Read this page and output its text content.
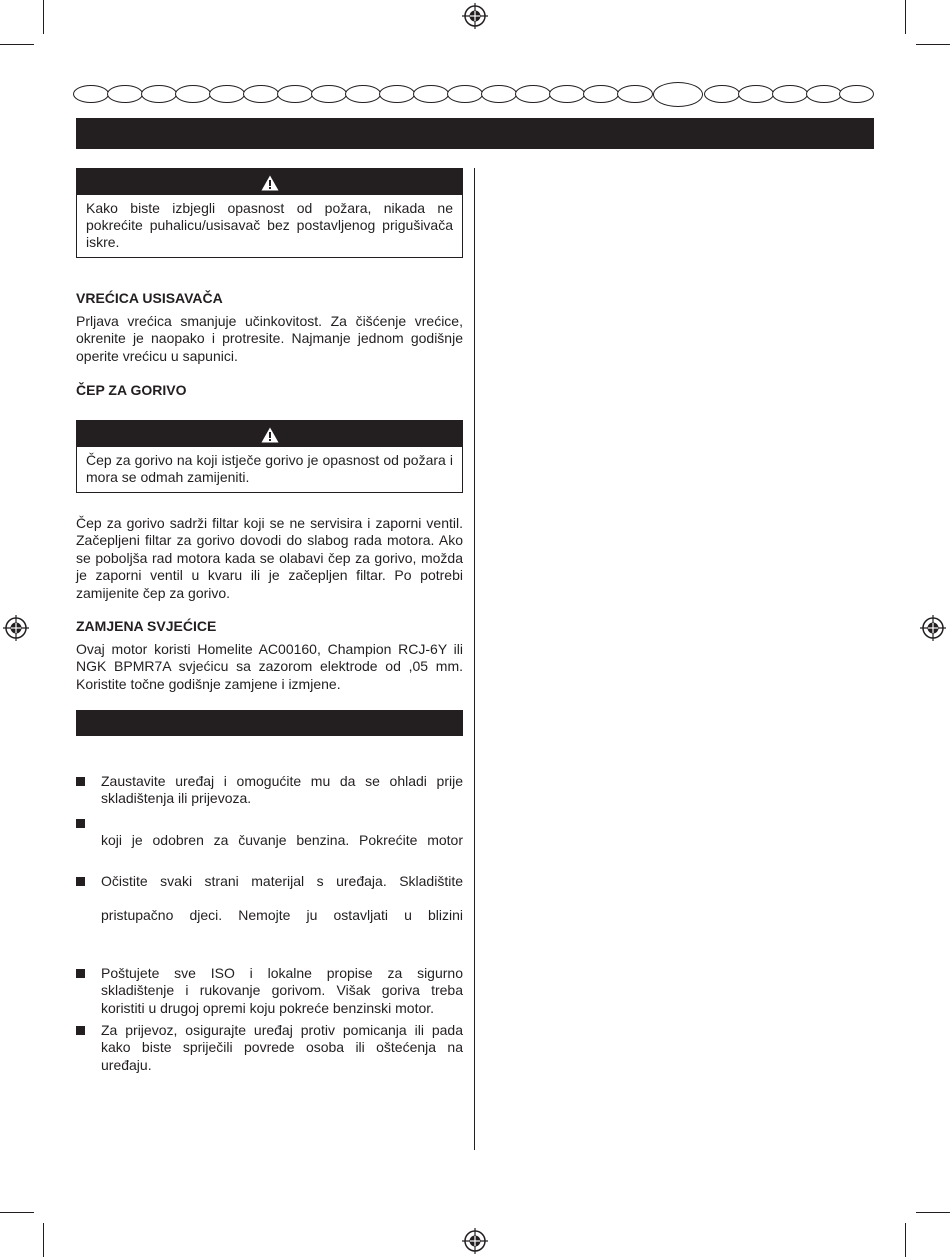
Kako biste izbjegli opasnost od požara, nikada ne pokrećite puhalicu/usisavač bez postavljenog prigušivača iskre.
VREĆICA USISAVAČA

Prljava vrećica smanjuje učinkovitost. Za čišćenje vrećice, okrenite je naopako i protresite. Najmanje jednom godišnje operite vrećicu u sapunici.

ČEP ZA GORIVO
Čep za gorivo na koji istječe gorivo je opasnost od požara i mora se odmah zamijeniti.

Čep za gorivo sadrži filtar koji se ne servisira i zaporni ventil. Začepljeni filtar za gorivo dovodi do slabog rada motora. Ako se poboljša rad motora kada se olabavi čep za gorivo, možda je zaporni ventil u kvaru ili je začepljen filtar. Po potrebi zamijenite čep za gorivo.

ZAMJENA SVJEĆICE

Ovaj motor koristi Homelite AC00160, Champion RCJ-6Y ili NGK BPMR7A svjećicu sa zazorom elektrode od ,05 mm. Koristite točne godišnje zamjene i izmjene.

Zaustavite uređaj i omogućite mu da se ohladi prije skladištenja ili prijevoza.
koji je odobren za čuvanje benzina. Pokrećite motor
Očistite svaki strani materijal s uređaja. Skladištite
pristupačno djeci. Nemojte ju ostavljati u blizini
Poštujete sve ISO i lokalne propise za sigurno skladištenje i rukovanje gorivom. Višak goriva treba koristiti u drugoj opremi koju pokreće benzinski motor.
Za prijevoz, osigurajte uređaj protiv pomicanja ili pada kako biste spriječili povrede osoba ili oštećenja na uređaju.
